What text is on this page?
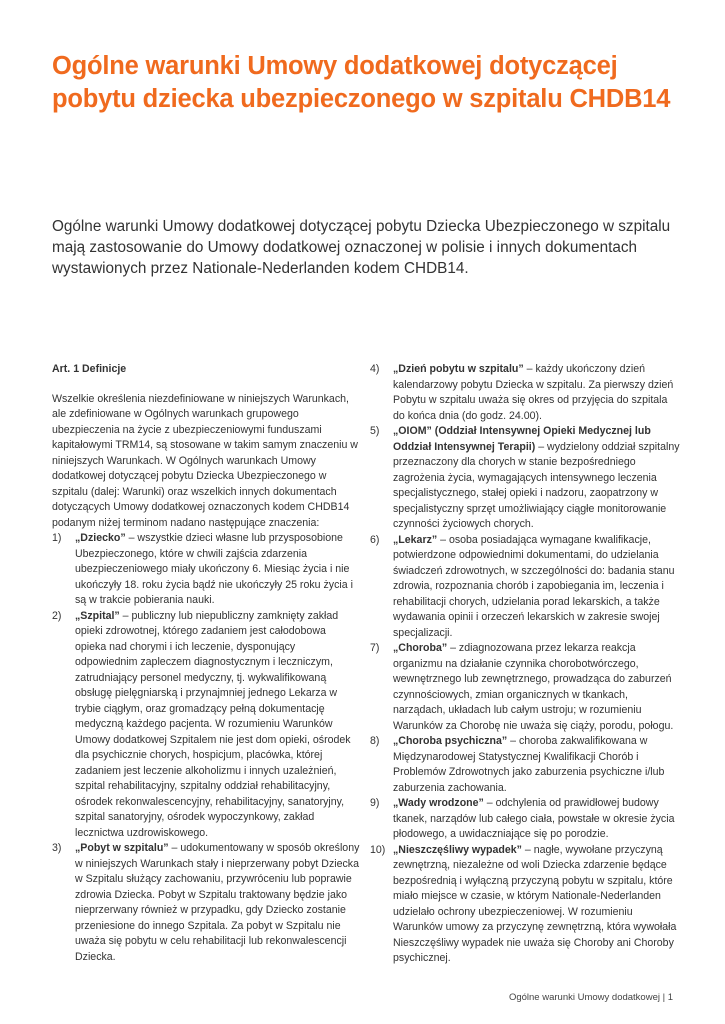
Ogólne warunki Umowy dodatkowej dotyczącej pobytu dziecka ubezpieczonego w szpitalu CHDB14

Ogólne warunki Umowy dodatkowej dotyczącej pobytu Dziecka Ubezpieczonego w szpitalu mają zastosowanie do Umowy dodatkowej oznaczonej w polisie i innych dokumentach wystawionych przez Nationale-Nederlanden kodem CHDB14.

Art. 1 Definicje

Wszelkie określenia niezdefiniowane w niniejszych Warunkach, ale zdefiniowane w Ogólnych warunkach grupowego ubezpieczenia na życie z ubezpieczeniowymi funduszami kapitałowymi TRM14, są stosowane w takim samym znaczeniu w niniejszych Warunkach. W Ogólnych warunkach Umowy dodatkowej dotyczącej pobytu Dziecka Ubezpieczonego w szpitalu (dalej: Warunki) oraz wszelkich innych dokumentach dotyczących Umowy dodatkowej oznaczonych kodem CHDB14 podanym niżej terminom nadano następujące znaczenia:

1) „Dziecko” – wszystkie dzieci własne lub przysposobione Ubezpieczonego, które w chwili zajścia zdarzenia ubezpieczeniowego miały ukończony 6. Miesiąc życia i nie ukończyły 18. roku życia bądź nie ukończyły 25 roku życia i są w trakcie pobierania nauki.
2) „Szpital” – publiczny lub niepubliczny zamknięty zakład opieki zdrowotnej, którego zadaniem jest całodobowa opieka nad chorymi i ich leczenie, dysponujący odpowiednim zapleczem diagnostycznym i leczniczym, zatrudniający personel medyczny, tj. wykwalifikowaną obsługę pielęgniarską i przynajmniej jednego Lekarza w trybie ciągłym, oraz gromadzący pełną dokumentację medyczną każdego pacjenta. W rozumieniu Warunków Umowy dodatkowej Szpitalem nie jest dom opieki, ośrodek dla psychicznie chorych, hospicjum, placówka, której zadaniem jest leczenie alkoholizmu i innych uzależnień, szpital rehabilitacyjny, szpitalny oddział rehabilitacyjny, ośrodek rekonwalescencyjny, rehabilitacyjny, sanatoryjny, szpital sanatoryjny, ośrodek wypoczynkowy, zakład lecznictwa uzdrowiskowego.
3) „Pobyt w szpitalu” – udokumentowany w sposób określony w niniejszych Warunkach stały i nieprzerwany pobyt Dziecka w Szpitalu służący zachowaniu, przywróceniu lub poprawie zdrowia Dziecka. Pobyt w Szpitalu traktowany będzie jako nieprzerwany również w przypadku, gdy Dziecko zostanie przeniesione do innego Szpitala. Za pobyt w Szpitalu nie uważa się pobytu w celu rehabilitacji lub rekonwalescencji Dziecka.
4) „Dzień pobytu w szpitalu” – każdy ukończony dzień kalendarzowy pobytu Dziecka w szpitalu. Za pierwszy dzień Pobytu w szpitalu uważa się okres od przyjęcia do szpitala do końca dnia (do godz. 24.00).
5) „OIOM” (Oddział Intensywnej Opieki Medycznej lub Oddział Intensywnej Terapii) – wydzielony oddział szpitalny przeznaczony dla chorych w stanie bezpośredniego zagrożenia życia, wymagających intensywnego leczenia specjalistycznego, stałej opieki i nadzoru, zaopatrzony w specjalistyczny sprzęt umożliwiający ciągłe monitorowanie czynności życiowych chorych.
6) „Lekarz” – osoba posiadająca wymagane kwalifikacje, potwierdzone odpowiednimi dokumentami, do udzielania świadczeń zdrowotnych, w szczególności do: badania stanu zdrowia, rozpoznania chorób i zapobiegania im, leczenia i rehabilitacji chorych, udzielania porad lekarskich, a także wydawania opinii i orzeczeń lekarskich w zakresie swojej specjalizacji.
7) „Choroba” – zdiagnozowana przez lekarza reakcja organizmu na działanie czynnika chorobotwórczego, wewnętrznego lub zewnętrznego, prowadząca do zaburzeń czynnościowych, zmian organicznych w tkankach, narządach, układach lub całym ustroju; w rozumieniu Warunków za Chorobę nie uważa się ciąży, porodu, połogu.
8) „Choroba psychiczna” – choroba zakwalifikowana w Międzynarodowej Statystycznej Kwalifikacji Chorób i Problemów Zdrowotnych jako zaburzenia psychiczne i/lub zaburzenia zachowania.
9) „Wady wrodzone” – odchylenia od prawidłowej budowy tkanek, narządów lub całego ciała, powstałe w okresie życia płodowego, a uwidaczniające się po porodzie.
10) „Nieszczęśliwy wypadek” – nagłe, wywołane przyczyną zewnętrzną, niezależne od woli Dziecka zdarzenie będące bezpośrednią i wyłączną przyczyną pobytu w szpitalu, które miało miejsce w czasie, w którym Nationale-Nederlanden udzielało ochrony ubezpieczeniowej. W rozumieniu Warunków umowy za przyczynę zewnętrzną, która wywołała Nieszczęśliwy wypadek nie uważa się Choroby ani Choroby psychicznej.
Ogólne warunki Umowy dodatkowej | 1
